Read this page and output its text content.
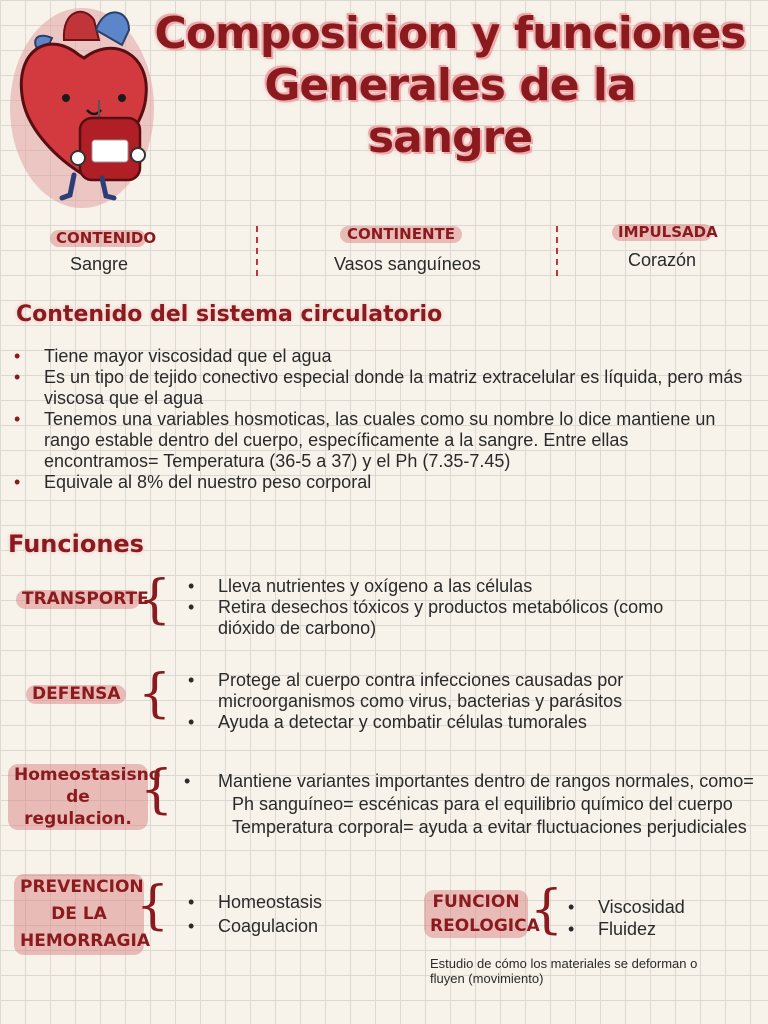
Composicion y funciones
Generales de la
sangre
CONTENIDO
Sangre
CONTINENTE
Vasos sanguíneos
IMPULSADA
Corazón
Contenido del sistema circulatorio
• Tiene mayor viscosidad que el agua
• Es un tipo de tejido conectivo especial donde la matriz extracelular es líquida, pero más viscosa que el agua
• Tenemos una variables hosmoticas, las cuales como su nombre lo dice mantiene un rango estable dentro del cuerpo, específicamente a la sangre. Entre ellas encontramos= Temperatura (36-5 a 37) y el Ph (7.35-7.45)
• Equivale al 8% del nuestro peso corporal
Funciones
TRANSPORTE
{	• Lleva nutrientes y oxígeno a las células
• Retira desechos tóxicos y productos metabólicos (como dióxido de carbono)
DEFENSA {	• Protege al cuerpo contra infecciones causadas por microorganismos como virus, bacterias y parásitos
• Ayuda a detectar y combatir células tumorales
Homeostasisno
de
regulacion. { • Mantiene variantes importantes dentro de rangos normales, como=
Ph sanguíneo= escénicas para el equilibrio químico del cuerpo
Temperatura corporal= ayuda a evitar fluctuaciones perjudiciales
PREVENCION
DE LA
HEMORRAGIA
{	• Homeostasis
• Coagulacion
FUNCION
REOLOGICA
{	• Viscosidad
• Fluidez
Estudio de cómo los materiales se deforman o fluyen (movimiento)
